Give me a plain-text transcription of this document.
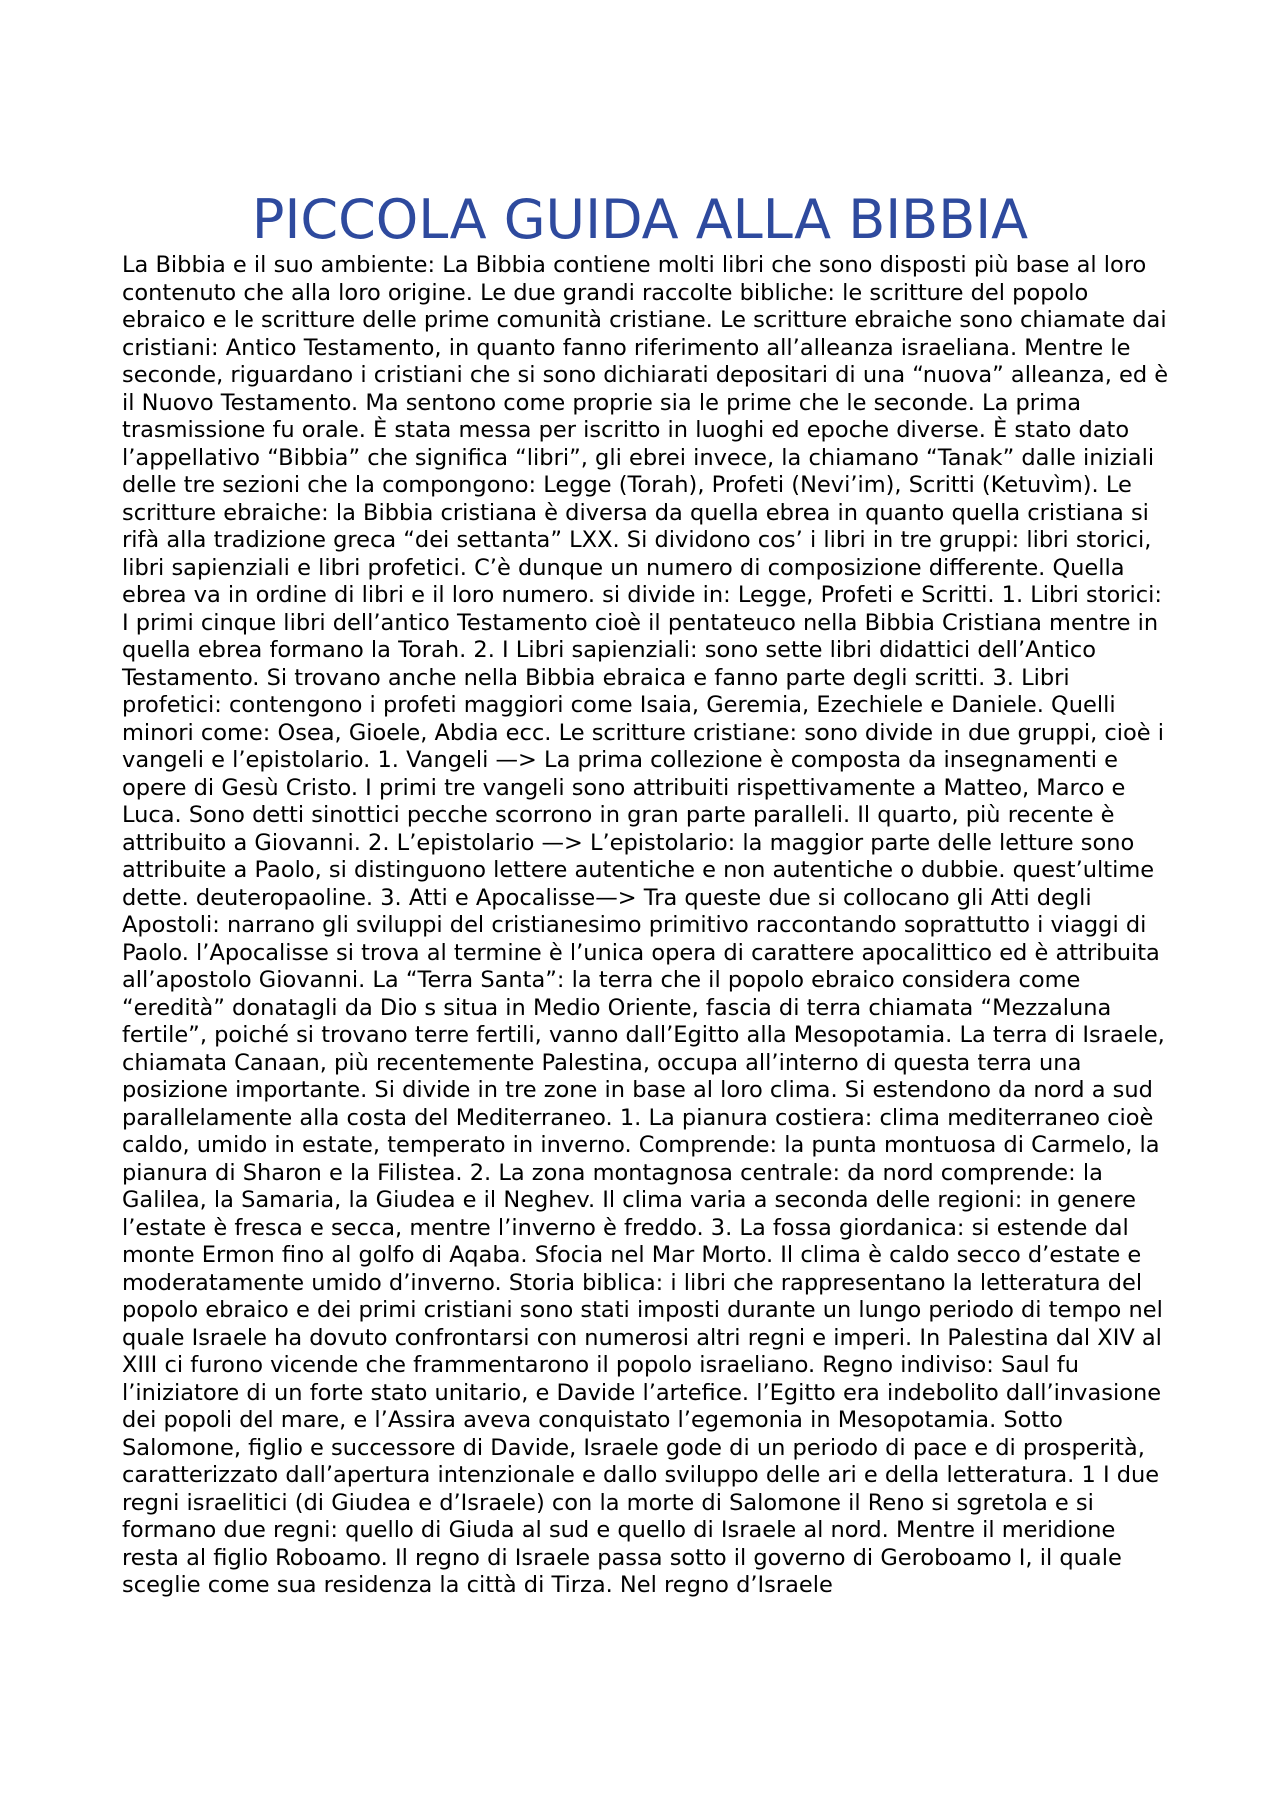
PICCOLA GUIDA ALLA BIBBIA

La Bibbia e il suo ambiente: La Bibbia contiene molti libri che sono disposti più base al loro contenuto che alla loro origine. Le due grandi raccolte bibliche: le scritture del popolo ebraico e le scritture delle prime comunità cristiane. Le scritture ebraiche sono chiamate dai cristiani: Antico Testamento, in quanto fanno riferimento all’alleanza israeliana. Mentre le seconde, riguardano i cristiani che si sono dichiarati depositari di una “nuova” alleanza, ed è il Nuovo Testamento. Ma sentono come proprie sia le prime che le seconde. La prima trasmissione fu orale. È stata messa per iscritto in luoghi ed epoche diverse. È stato dato l’appellativo “Bibbia” che significa “libri”, gli ebrei invece, la chiamano “Tanak” dalle iniziali delle tre sezioni che la compongono: Legge (Torah), Profeti (Nevi’im), Scritti (Ketuvìm). Le scritture ebraiche: la Bibbia cristiana è diversa da quella ebrea in quanto quella cristiana si rifà alla tradizione greca “dei settanta” LXX. Si dividono cos’ i libri in tre gruppi: libri storici, libri sapienziali e libri profetici. C’è dunque un numero di composizione differente. Quella ebrea va in ordine di libri e il loro numero. si divide in: Legge, Profeti e Scritti. 1. Libri storici: I primi cinque libri dell’antico Testamento cioè il pentateuco nella Bibbia Cristiana mentre in quella ebrea formano la Torah. 2. I Libri sapienziali: sono sette libri didattici dell’Antico Testamento. Si trovano anche nella Bibbia ebraica e fanno parte degli scritti. 3. Libri profetici: contengono i profeti maggiori come Isaia, Geremia, Ezechiele e Daniele. Quelli minori come: Osea, Gioele, Abdia ecc. Le scritture cristiane: sono divide in due gruppi, cioè i vangeli e l’epistolario. 1. Vangeli —> La prima collezione è composta da insegnamenti e opere di Gesù Cristo. I primi tre vangeli sono attribuiti rispettivamente a Matteo, Marco e Luca. Sono detti sinottici pecche scorrono in gran parte paralleli. Il quarto, più recente è attribuito a Giovanni. 2. L’epistolario —> L’epistolario: la maggior parte delle letture sono attribuite a Paolo, si distinguono lettere autentiche e non autentiche o dubbie. quest’ultime dette. deuteropaoline. 3. Atti e Apocalisse—> Tra queste due si collocano gli Atti degli Apostoli: narrano gli sviluppi del cristianesimo primitivo raccontando soprattutto i viaggi di Paolo. l’Apocalisse si trova al termine è l’unica opera di carattere apocalittico ed è attribuita all’apostolo Giovanni. La “Terra Santa”: la terra che il popolo ebraico considera come “eredità” donatagli da Dio s situa in Medio Oriente, fascia di terra chiamata “Mezzaluna fertile”, poiché si trovano terre fertili, vanno dall’Egitto alla Mesopotamia. La terra di Israele, chiamata Canaan, più recentemente Palestina, occupa all’interno di questa terra una posizione importante. Si divide in tre zone in base al loro clima. Si estendono da nord a sud parallelamente alla costa del Mediterraneo. 1. La pianura costiera: clima mediterraneo cioè caldo, umido in estate, temperato in inverno. Comprende: la punta montuosa di Carmelo, la pianura di Sharon e la Filistea. 2. La zona montagnosa centrale: da nord comprende: la Galilea, la Samaria, la Giudea e il Neghev. Il clima varia a seconda delle regioni: in genere l’estate è fresca e secca, mentre l’inverno è freddo. 3. La fossa giordanica: si estende dal monte Ermon fino al golfo di Aqaba. Sfocia nel Mar Morto. Il clima è caldo secco d’estate e moderatamente umido d’inverno. Storia biblica: i libri che rappresentano la letteratura del popolo ebraico e dei primi cristiani sono stati imposti durante un lungo periodo di tempo nel quale Israele ha dovuto confrontarsi con numerosi altri regni e imperi. In Palestina dal XIV al XIII ci furono vicende che frammentarono il popolo israeliano. Regno indiviso: Saul fu l’iniziatore di un forte stato unitario, e Davide l’artefice. l’Egitto era indebolito dall’invasione dei popoli del mare, e l’Assira aveva conquistato l’egemonia in Mesopotamia. Sotto Salomone, figlio e successore di Davide, Israele gode di un periodo di pace e di prosperità, caratterizzato dall’apertura intenzionale e dallo sviluppo delle ari e della letteratura. 1 I due regni israelitici (di Giudea e d’Israele) con la morte di Salomone il Reno si sgretola e si formano due regni: quello di Giuda al sud e quello di Israele al nord. Mentre il meridione resta al figlio Roboamo. Il regno di Israele passa sotto il governo di Geroboamo I, il quale sceglie come sua residenza la città di Tirza. Nel regno d’Israele
